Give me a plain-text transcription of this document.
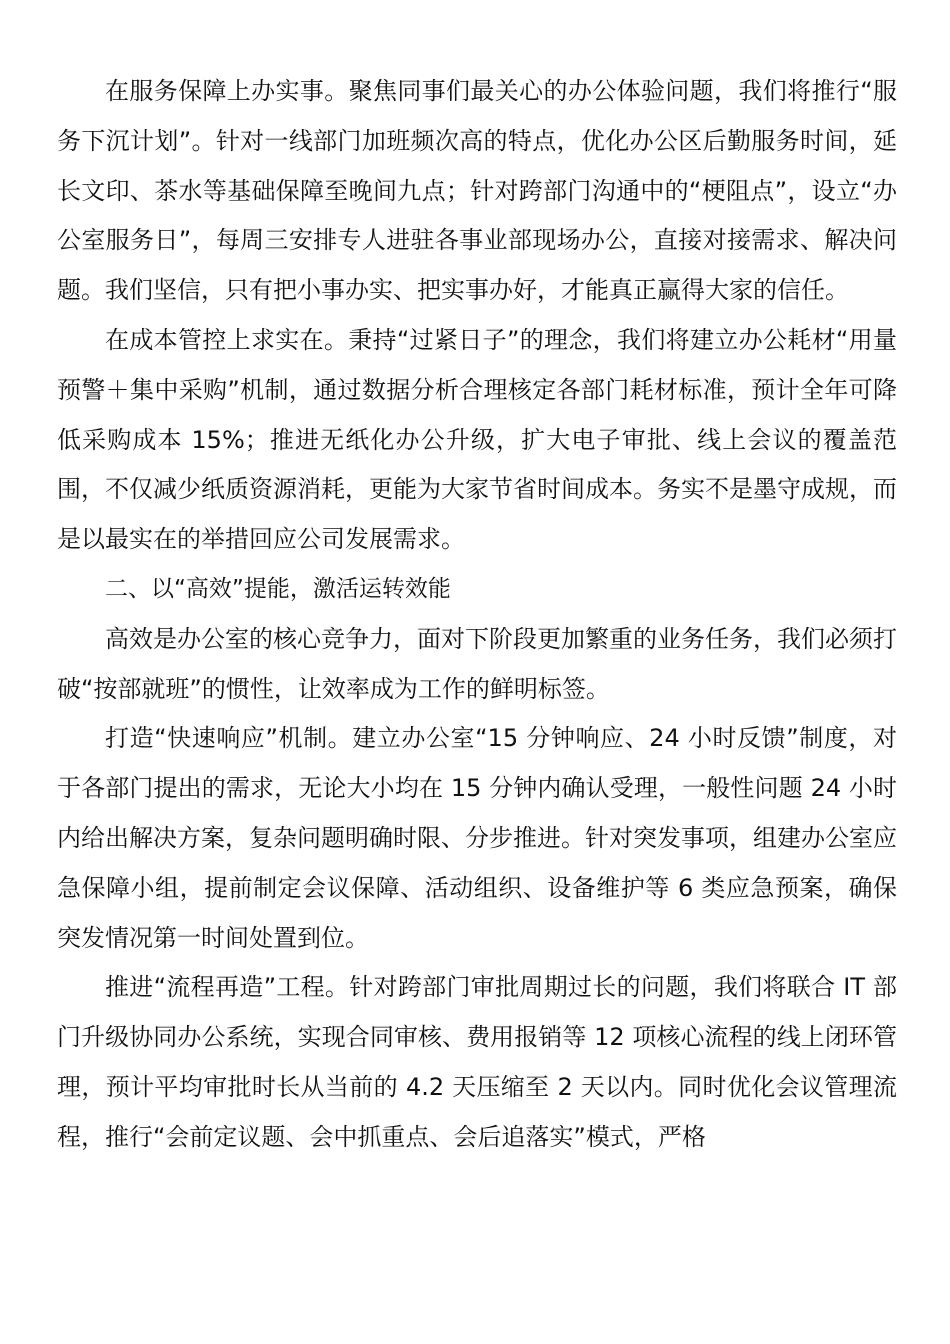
在服务保障上办实事。聚焦同事们最关心的办公体验问题，我们将推行“服务下沉计划”。针对一线部门加班频次高的特点，优化办公区后勤服务时间，延长文印、茶水等基础保障至晚间九点；针对跨部门沟通中的“梗阻点”，设立“办公室服务日”，每周三安排专人进驻各事业部现场办公，直接对接需求、解决问题。我们坚信，只有把小事办实、把实事办好，才能真正赢得大家的信任。

在成本管控上求实在。秉持“过紧日子”的理念，我们将建立办公耗材“用量预警＋集中采购”机制，通过数据分析合理核定各部门耗材标准，预计全年可降低采购成本 15%；推进无纸化办公升级，扩大电子审批、线上会议的覆盖范围，不仅减少纸质资源消耗，更能为大家节省时间成本。务实不是墨守成规，而是以最实在的举措回应公司发展需求。

二、以“高效”提能，激活运转效能

高效是办公室的核心竞争力，面对下阶段更加繁重的业务任务，我们必须打破“按部就班”的惯性，让效率成为工作的鲜明标签。

打造“快速响应”机制。建立办公室“15 分钟响应、24 小时反馈”制度，对于各部门提出的需求，无论大小均在 15 分钟内确认受理，一般性问题 24 小时内给出解决方案，复杂问题明确时限、分步推进。针对突发事项，组建办公室应急保障小组，提前制定会议保障、活动组织、设备维护等 6 类应急预案，确保突发情况第一时间处置到位。

推进“流程再造”工程。针对跨部门审批周期过长的问题，我们将联合 IT 部门升级协同办公系统，实现合同审核、费用报销等 12 项核心流程的线上闭环管理，预计平均审批时长从当前的 4.2 天压缩至 2 天以内。同时优化会议管理流程，推行“会前定议题、会中抓重点、会后追落实”模式，严格
